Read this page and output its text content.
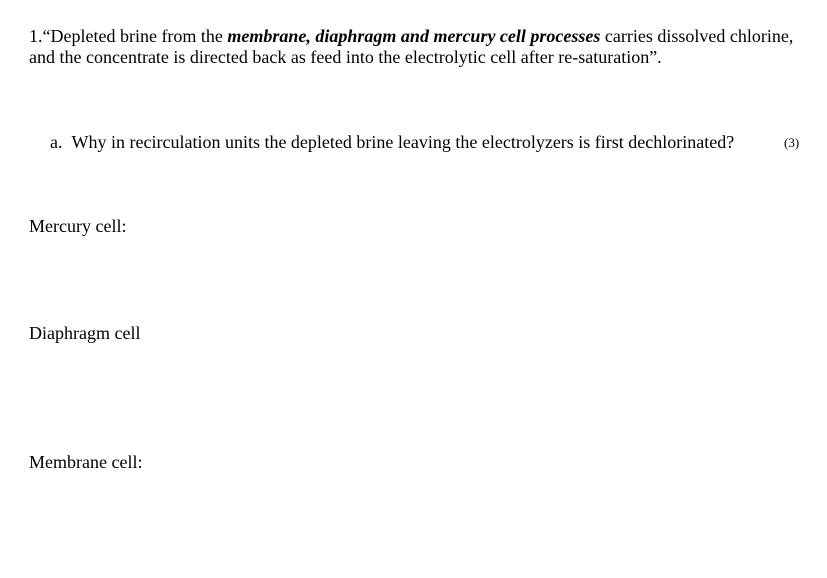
1.“Depleted brine from the membrane, diaphragm and mercury cell processes carries dissolved chlorine, and the concentrate is directed back as feed into the electrolytic cell after re-saturation”.

a. Why in recirculation units the depleted brine leaving the electrolyzers is first dechlorinated?	(3)
Mercury cell:
Diaphragm cell
Membrane cell:
